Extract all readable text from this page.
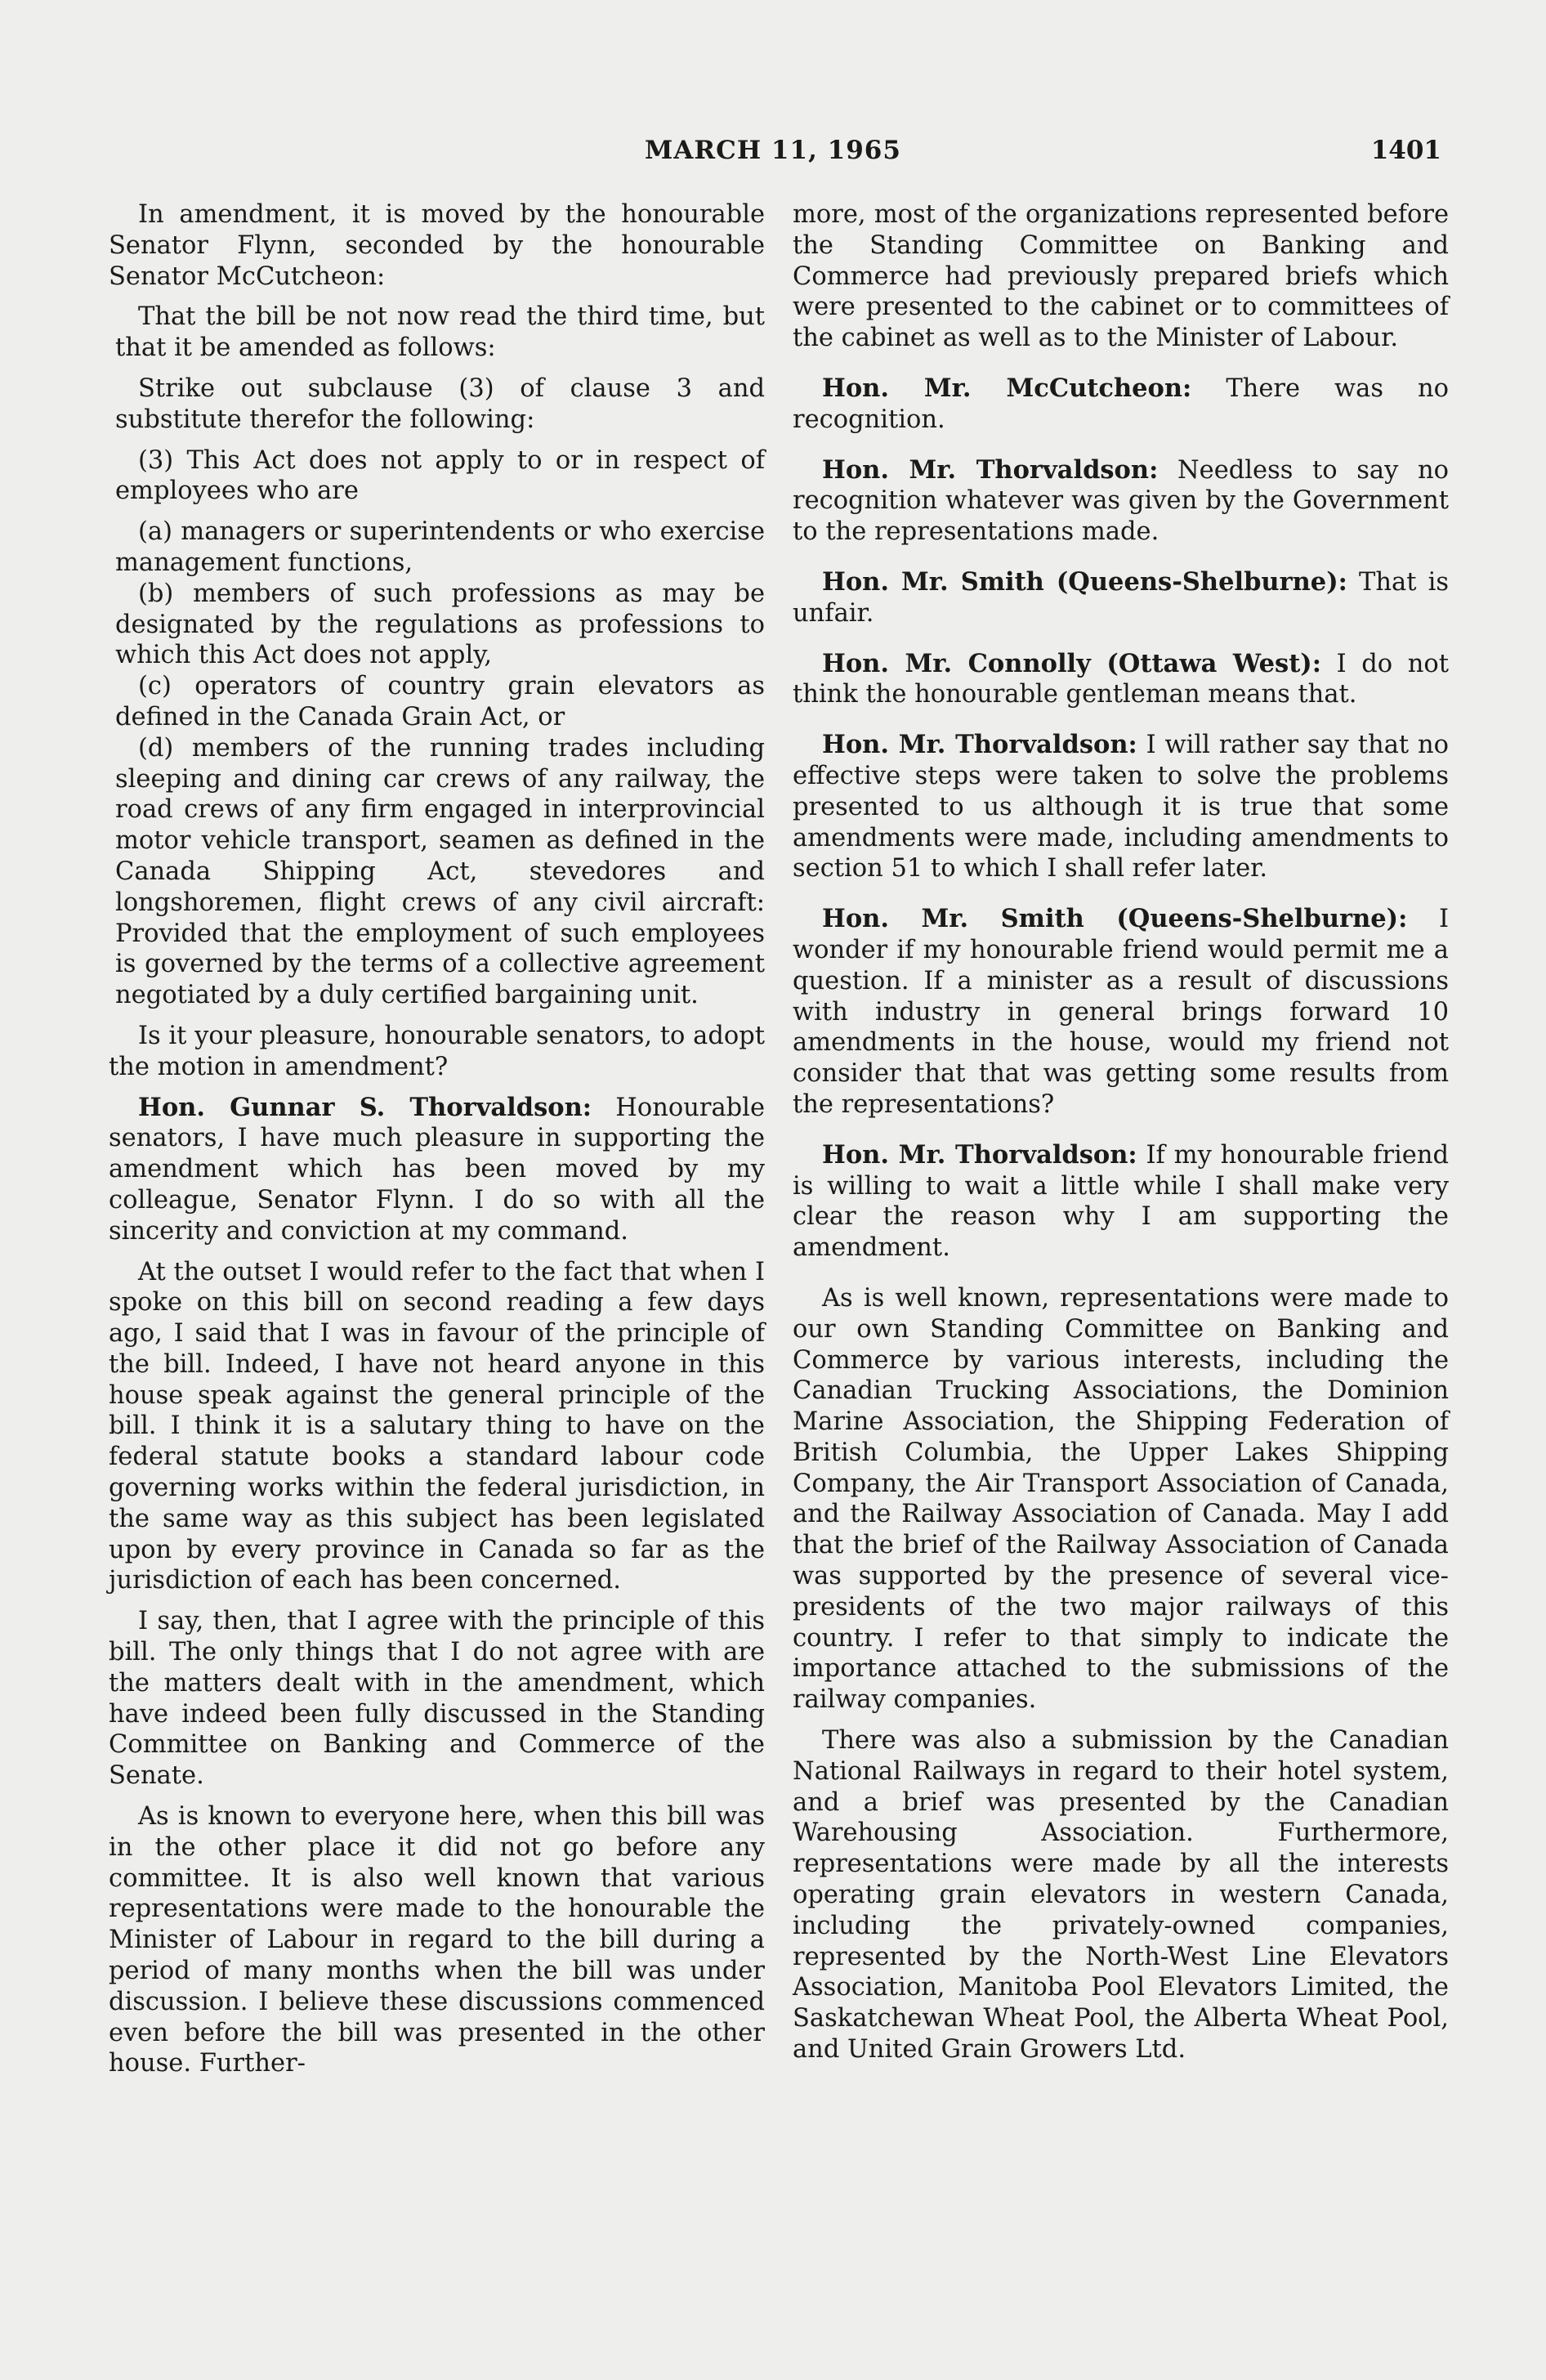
MARCH 11, 1965	1401

In amendment, it is moved by the honourable Senator Flynn, seconded by the honourable Senator McCutcheon:

That the bill be not now read the third time, but that it be amended as follows:

Strike out subclause (3) of clause 3 and substitute therefor the following:

(3) This Act does not apply to or in respect of employees who are

(a) managers or superintendents or who exercise management functions,

(b) members of such professions as may be designated by the regulations as professions to which this Act does not apply,

(c) operators of country grain elevators as defined in the Canada Grain Act, or

(d) members of the running trades including sleeping and dining car crews of any railway, the road crews of any firm engaged in interprovincial motor vehicle transport, seamen as defined in the Canada Shipping Act, stevedores and longshoremen, flight crews of any civil aircraft: Provided that the employment of such employees is governed by the terms of a collective agreement negotiated by a duly certified bargaining unit.

Is it your pleasure, honourable senators, to adopt the motion in amendment?

Hon. Gunnar S. Thorvaldson: Honourable senators, I have much pleasure in supporting the amendment which has been moved by my colleague, Senator Flynn. I do so with all the sincerity and conviction at my command.

At the outset I would refer to the fact that when I spoke on this bill on second reading a few days ago, I said that I was in favour of the principle of the bill. Indeed, I have not heard anyone in this house speak against the general principle of the bill. I think it is a salutary thing to have on the federal statute books a standard labour code governing works within the federal jurisdiction, in the same way as this subject has been legislated upon by every province in Canada so far as the jurisdiction of each has been concerned.

I say, then, that I agree with the principle of this bill. The only things that I do not agree with are the matters dealt with in the amendment, which have indeed been fully discussed in the Standing Committee on Banking and Commerce of the Senate.

As is known to everyone here, when this bill was in the other place it did not go before any committee. It is also well known that various representations were made to the honourable the Minister of Labour in regard to the bill during a period of many months when the bill was under discussion. I believe these discussions commenced even before the bill was presented in the other house. Further-

more, most of the organizations represented before the Standing Committee on Banking and Commerce had previously prepared briefs which were presented to the cabinet or to committees of the cabinet as well as to the Minister of Labour.

Hon. Mr. McCutcheon: There was no recognition.

Hon. Mr. Thorvaldson: Needless to say no recognition whatever was given by the Government to the representations made.

Hon. Mr. Smith (Queens-Shelburne): That is unfair.

Hon. Mr. Connolly (Ottawa West): I do not think the honourable gentleman means that.

Hon. Mr. Thorvaldson: I will rather say that no effective steps were taken to solve the problems presented to us although it is true that some amendments were made, including amendments to section 51 to which I shall refer later.

Hon. Mr. Smith (Queens-Shelburne): I wonder if my honourable friend would permit me a question. If a minister as a result of discussions with industry in general brings forward 10 amendments in the house, would my friend not consider that that was getting some results from the representations?

Hon. Mr. Thorvaldson: If my honourable friend is willing to wait a little while I shall make very clear the reason why I am supporting the amendment.

As is well known, representations were made to our own Standing Committee on Banking and Commerce by various interests, including the Canadian Trucking Associations, the Dominion Marine Association, the Shipping Federation of British Columbia, the Upper Lakes Shipping Company, the Air Transport Association of Canada, and the Railway Association of Canada. May I add that the brief of the Railway Association of Canada was supported by the presence of several vice-presidents of the two major railways of this country. I refer to that simply to indicate the importance attached to the submissions of the railway companies.

There was also a submission by the Canadian National Railways in regard to their hotel system, and a brief was presented by the Canadian Warehousing Association. Furthermore, representations were made by all the interests operating grain elevators in western Canada, including the privately-owned companies, represented by the North-West Line Elevators Association, Manitoba Pool Elevators Limited, the Saskatchewan Wheat Pool, the Alberta Wheat Pool, and United Grain Growers Ltd.
